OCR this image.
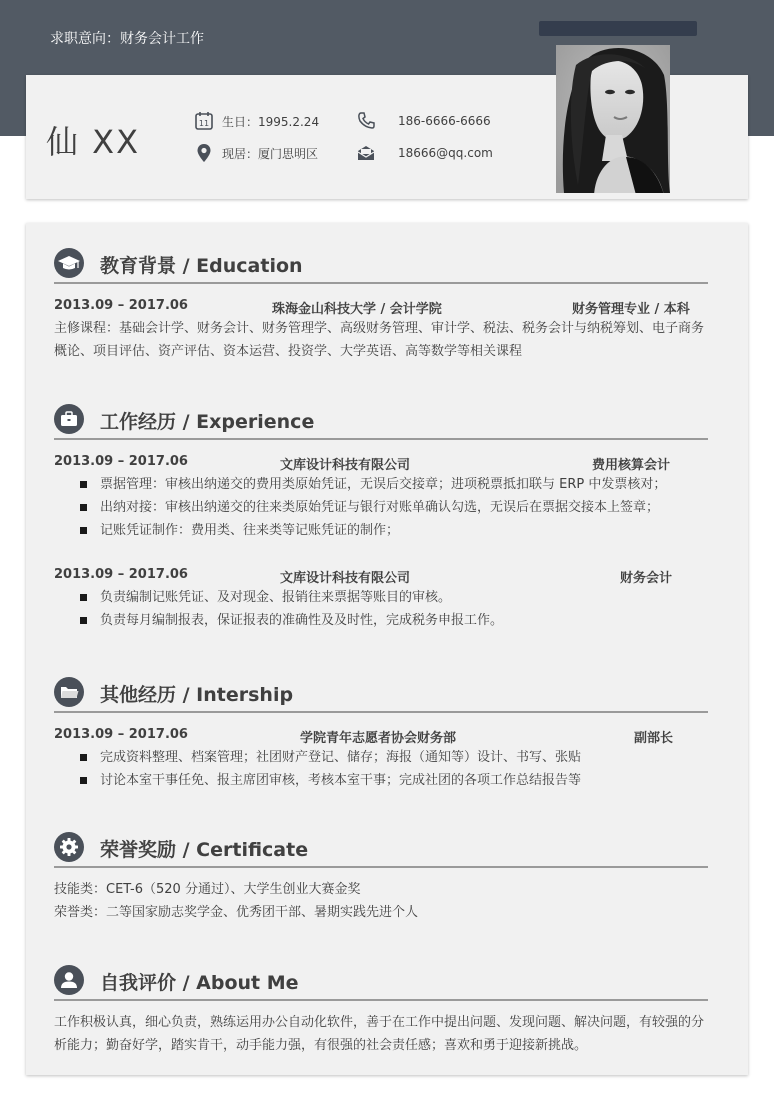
求职意向：财务会计工作
仙 XX	11 生日：1995.2.24	186-6666-6666
现居：厦门思明区	18666@qq.com
教育背景 / Education
2013.09 – 2017.06	珠海金山科技大学 / 会计学院	财务管理专业 / 本科
主修课程：基础会计学、财务会计、财务管理学、高级财务管理、审计学、税法、税务会计与纳税筹划、电子商务概论、项目评估、资产评估、资本运营、投资学、大学英语、高等数学等相关课程
工作经历 / Experience
2013.09 – 2017.06	文库设计科技有限公司	费用核算会计
票据管理：审核出纳递交的费用类原始凭证，无误后交接章；进项税票抵扣联与 ERP 中发票核对；
出纳对接：审核出纳递交的往来类原始凭证与银行对账单确认勾选，无误后在票据交接本上签章；
记账凭证制作：费用类、往来类等记账凭证的制作；
2013.09 – 2017.06	文库设计科技有限公司	财务会计
负责编制记账凭证、及对现金、报销往来票据等账目的审核。
负责每月编制报表，保证报表的准确性及及时性，完成税务申报工作。
其他经历 / Intership
2013.09 – 2017.06	学院青年志愿者协会财务部	副部长
完成资料整理、档案管理；社团财产登记、储存；海报（通知等）设计、书写、张贴
讨论本室干事任免、报主席团审核，考核本室干事；完成社团的各项工作总结报告等
荣誉奖励 / Certificate
技能类：CET-6（520 分通过）、大学生创业大赛金奖
荣誉类：二等国家励志奖学金、优秀团干部、暑期实践先进个人
自我评价 / About Me
工作积极认真，细心负责，熟练运用办公自动化软件，善于在工作中提出问题、发现问题、解决问题，有较强的分析能力；勤奋好学，踏实肯干，动手能力强，有很强的社会责任感；喜欢和勇于迎接新挑战。
